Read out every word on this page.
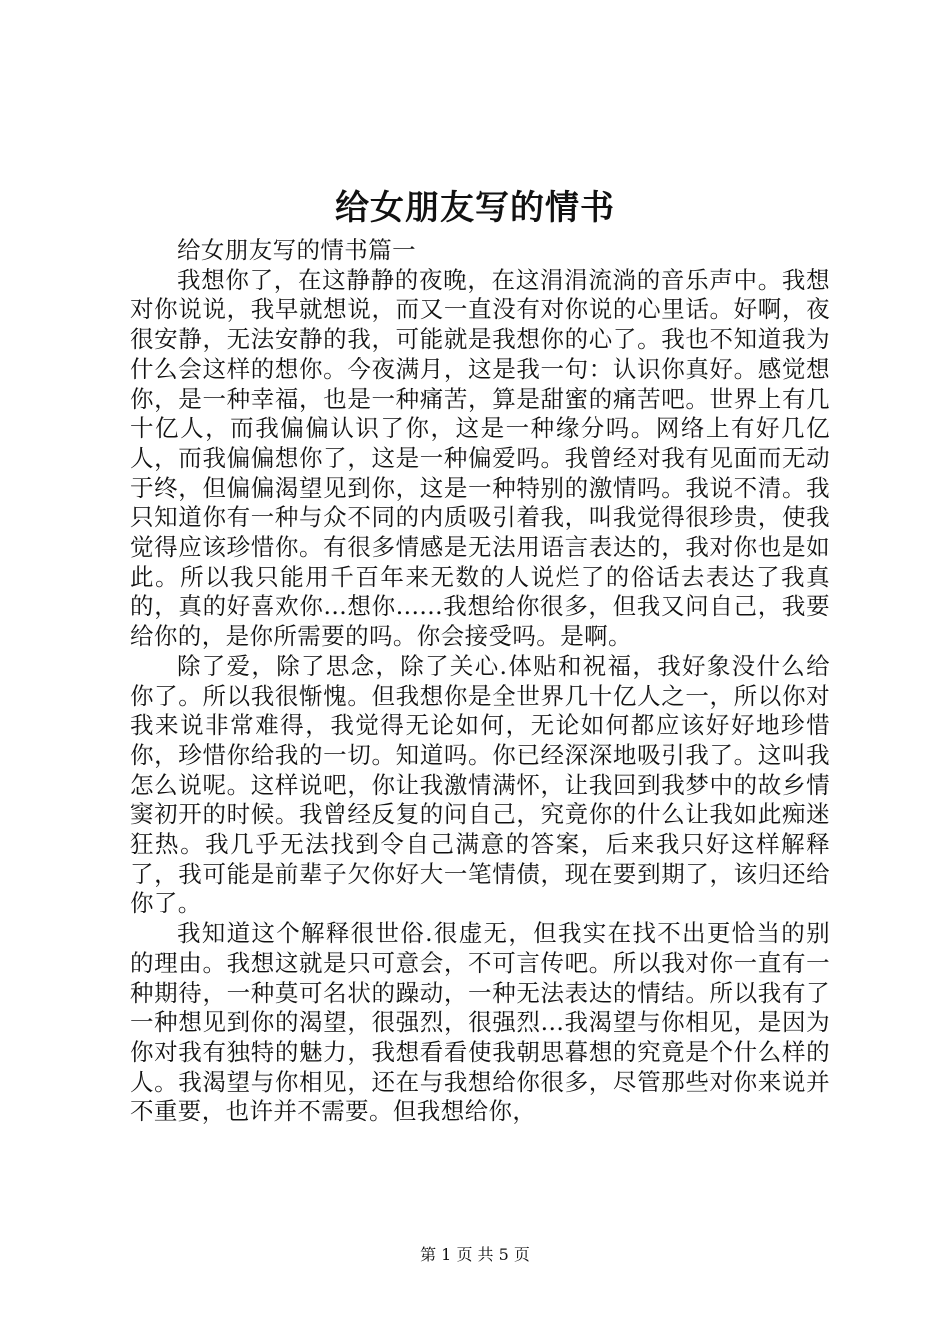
给女朋友写的情书

给女朋友写的情书篇一

我想你了，在这静静的夜晚，在这涓涓流淌的音乐声中。我想对你说说，我早就想说，而又一直没有对你说的心里话。好啊，夜很安静，无法安静的我，可能就是我想你的心了。我也不知道我为什么会这样的想你。今夜满月，这是我一句：认识你真好。感觉想你，是一种幸福，也是一种痛苦，算是甜蜜的痛苦吧。世界上有几十亿人，而我偏偏认识了你，这是一种缘分吗。网络上有好几亿人，而我偏偏想你了，这是一种偏爱吗。我曾经对我有见面而无动于终，但偏偏渴望见到你，这是一种特别的激情吗。我说不清。我只知道你有一种与众不同的内质吸引着我，叫我觉得很珍贵，使我觉得应该珍惜你。有很多情感是无法用语言表达的，我对你也是如此。所以我只能用千百年来无数的人说烂了的俗话去表达了我真的，真的好喜欢你...想你......我想给你很多，但我又问自己，我要给你的，是你所需要的吗。你会接受吗。是啊。

除了爱，除了思念，除了关心.体贴和祝福，我好象没什么给你了。所以我很惭愧。但我想你是全世界几十亿人之一，所以你对我来说非常难得，我觉得无论如何，无论如何都应该好好地珍惜你，珍惜你给我的一切。知道吗。你已经深深地吸引我了。这叫我怎么说呢。这样说吧，你让我激情满怀，让我回到我梦中的故乡情窦初开的时候。我曾经反复的问自己，究竟你的什么让我如此痴迷狂热。我几乎无法找到令自己满意的答案，后来我只好这样解释了，我可能是前辈子欠你好大一笔情债，现在要到期了，该归还给你了。

我知道这个解释很世俗.很虚无，但我实在找不出更恰当的别的理由。我想这就是只可意会，不可言传吧。所以我对你一直有一种期待，一种莫可名状的躁动，一种无法表达的情结。所以我有了一种想见到你的渴望，很强烈，很强烈...我渴望与你相见，是因为你对我有独特的魅力，我想看看使我朝思暮想的究竟是个什么样的人。我渴望与你相见，还在与我想给你很多，尽管那些对你来说并不重要，也许并不需要。但我想给你，

第 1 页 共 5 页
